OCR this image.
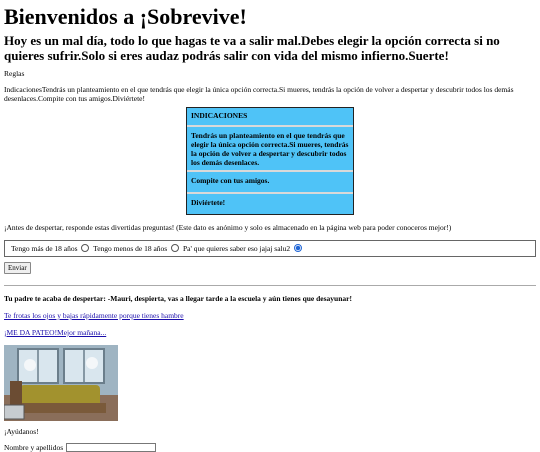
Bienvenidos a ¡Sobrevive!
Hoy es un mal día, todo lo que hagas te va a salir mal.Debes elegir la opción correcta si no quieres sufrir.Solo si eres audaz podrás salir con vida del mismo infierno.Suerte!

Reglas

IndicacionesTendrás un planteamiento en el que tendrás que elegir la única opción correcta.Si mueres, tendrás la opción de volver a despertar y descubrir todos los demás desenlaces.Compite con tus amigos.Diviértete!

INDICACIONES
Tendrás un planteamiento en el que tendrás que elegir la única opción correcta.Si mueres, tendrás la opción de volver a despertar y descubrir todos los demás desenlaces.
Compite con tus amigos.
Diviértete!

¡Antes de despertar, responde estas divertidas preguntas! (Este dato es anónimo y solo es almacenado en la página web para poder conoceros mejor!)

Tengo más de 18 años Tengo menos de 18 años Pa' que quieres saber eso jajaj salu2
Enviar

Tu padre te acaba de despertar: -Mauri, despierta, vas a llegar tarde a la escuela y aún tienes que desayunar!

Te frotas los ojos y bajas rápidamente porque tienes hambre
¡ME DA PATEO!Mejor mañana...

¡Ayúdanos!

Nombre y apellidos
